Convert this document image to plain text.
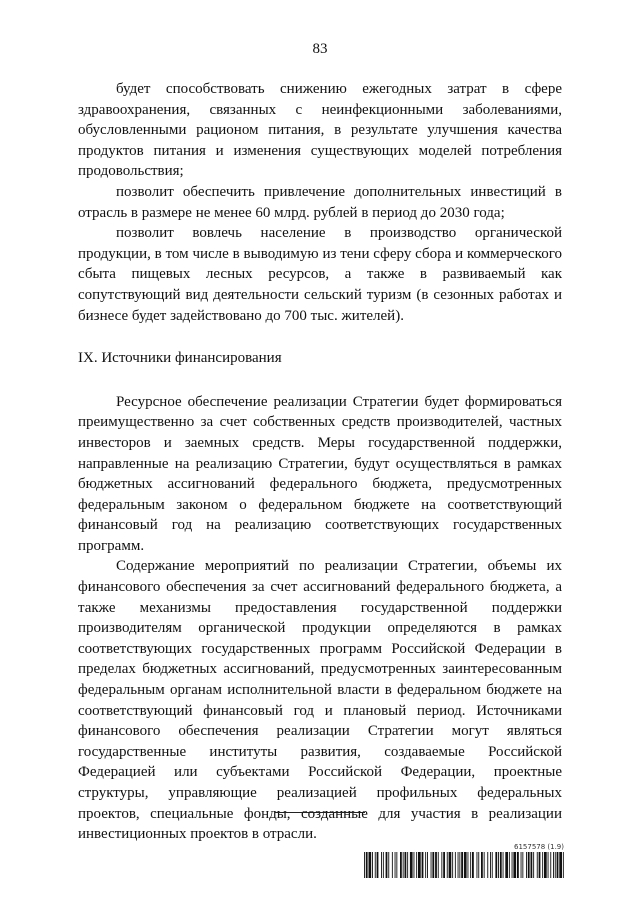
83

будет способствовать снижению ежегодных затрат в сфере здравоохранения, связанных с неинфекционными заболеваниями, обусловленными рационом питания, в результате улучшения качества продуктов питания и изменения существующих моделей потребления продовольствия;

позволит обеспечить привлечение дополнительных инвестиций в отрасль в размере не менее 60 млрд. рублей в период до 2030 года;

позволит вовлечь население в производство органической продукции, в том числе в выводимую из тени сферу сбора и коммерческого сбыта пищевых лесных ресурсов, а также в развиваемый как сопутствующий вид деятельности сельский туризм (в сезонных работах и бизнесе будет задействовано до 700 тыс. жителей).

IX. Источники финансирования

Ресурсное обеспечение реализации Стратегии будет формироваться преимущественно за счет собственных средств производителей, частных инвесторов и заемных средств. Меры государственной поддержки, направленные на реализацию Стратегии, будут осуществляться в рамках бюджетных ассигнований федерального бюджета, предусмотренных федеральным законом о федеральном бюджете на соответствующий финансовый год на реализацию соответствующих государственных программ.

Содержание мероприятий по реализации Стратегии, объемы их финансового обеспечения за счет ассигнований федерального бюджета, а также механизмы предоставления государственной поддержки производителям органической продукции определяются в рамках соответствующих государственных программ Российской Федерации в пределах бюджетных ассигнований, предусмотренных заинтересованным федеральным органам исполнительной власти в федеральном бюджете на соответствующий финансовый год и плановый период. Источниками финансового обеспечения реализации Стратегии могут являться государственные институты развития, создаваемые Российской Федерацией или субъектами Российской Федерации, проектные структуры, управляющие реализацией профильных федеральных проектов, специальные фонды, созданные для участия в реализации инвестиционных проектов в отрасли.

6157578 (1.9)
